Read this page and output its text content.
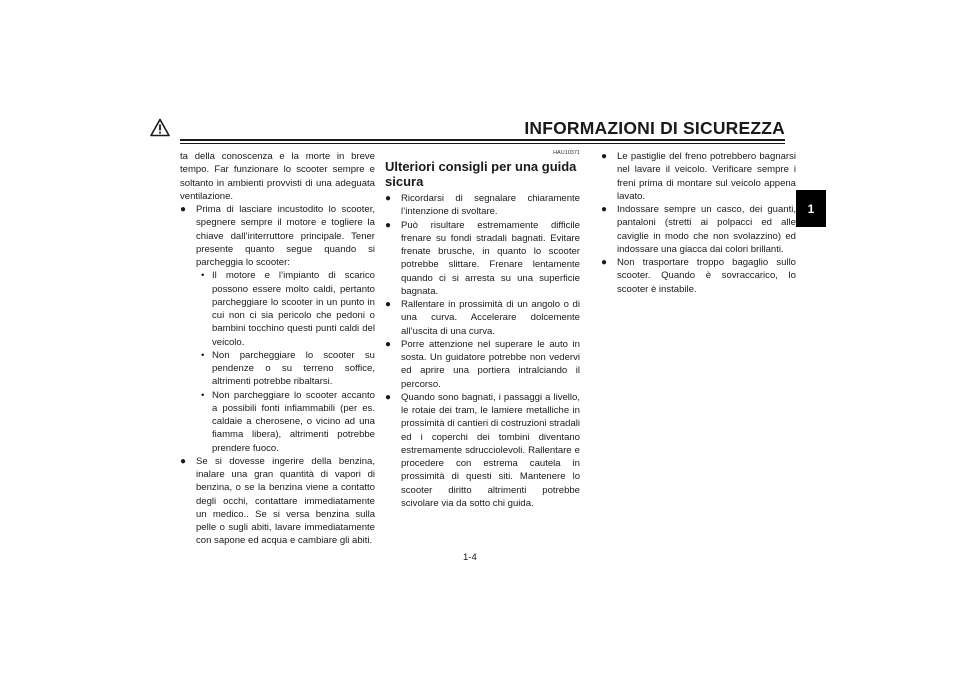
INFORMAZIONI DI SICUREZZA
1

ta della conoscenza e la morte in breve tempo. Far funzionare lo scooter sempre e soltanto in ambienti provvisti di una adeguata ventilazione.

● Prima di lasciare incustodito lo scooter, spegnere sempre il motore e togliere la chiave dall’interruttore principale. Tener presente quanto segue quando si parcheggia lo scooter:
• Il motore e l’impianto di scarico possono essere molto caldi, pertanto parcheggiare lo scooter in un punto in cui non ci sia pericolo che pedoni o bambini tocchino questi punti caldi del veicolo.
• Non parcheggiare lo scooter su pendenze o su terreno soffice, altrimenti potrebbe ribaltarsi.
• Non parcheggiare lo scooter accanto a possibili fonti infiammabili (per es. caldaie a cherosene, o vicino ad una fiamma libera), altrimenti potrebbe prendere fuoco.
● Se si dovesse ingerire della benzina, inalare una gran quantità di vapori di benzina, o se la benzina viene a contatto degli occhi, contattare immediatamente un medico.. Se si versa benzina sulla pelle o sugli abiti, lavare immediatamente con sapone ed acqua e cambiare gli abiti.
HAU10371
Ulteriori consigli per una guida sicura
● Ricordarsi di segnalare chiaramente l’intenzione di svoltare.
● Può risultare estremamente difficile frenare su fondi stradali bagnati. Evitare frenate brusche, in quanto lo scooter potrebbe slittare. Frenare lentamente quando ci si arresta su una superficie bagnata.
● Rallentare in prossimità di un angolo o di una curva. Accelerare dolcemente all’uscita di una curva.
● Porre attenzione nel superare le auto in sosta. Un guidatore potrebbe non vedervi ed aprire una portiera intralciando il percorso.
● Quando sono bagnati, i passaggi a livello, le rotaie dei tram, le lamiere metalliche in prossimità di cantieri di costruzioni stradali ed i coperchi dei tombini diventano estremamente sdrucciolevoli. Rallentare e procedere con estrema cautela in prossimità di questi siti. Mantenere lo scooter diritto altrimenti potrebbe scivolare via da sotto chi guida.
● Le pastiglie del freno potrebbero bagnarsi nel lavare il veicolo. Verificare sempre i freni prima di montare sul veicolo appena lavato.
● Indossare sempre un casco, dei guanti, pantaloni (stretti ai polpacci ed alle caviglie in modo che non svolazzino) ed indossare una giacca dai colori brillanti.
● Non trasportare troppo bagaglio sullo scooter. Quando è sovraccarico, lo scooter è instabile.
1-4
